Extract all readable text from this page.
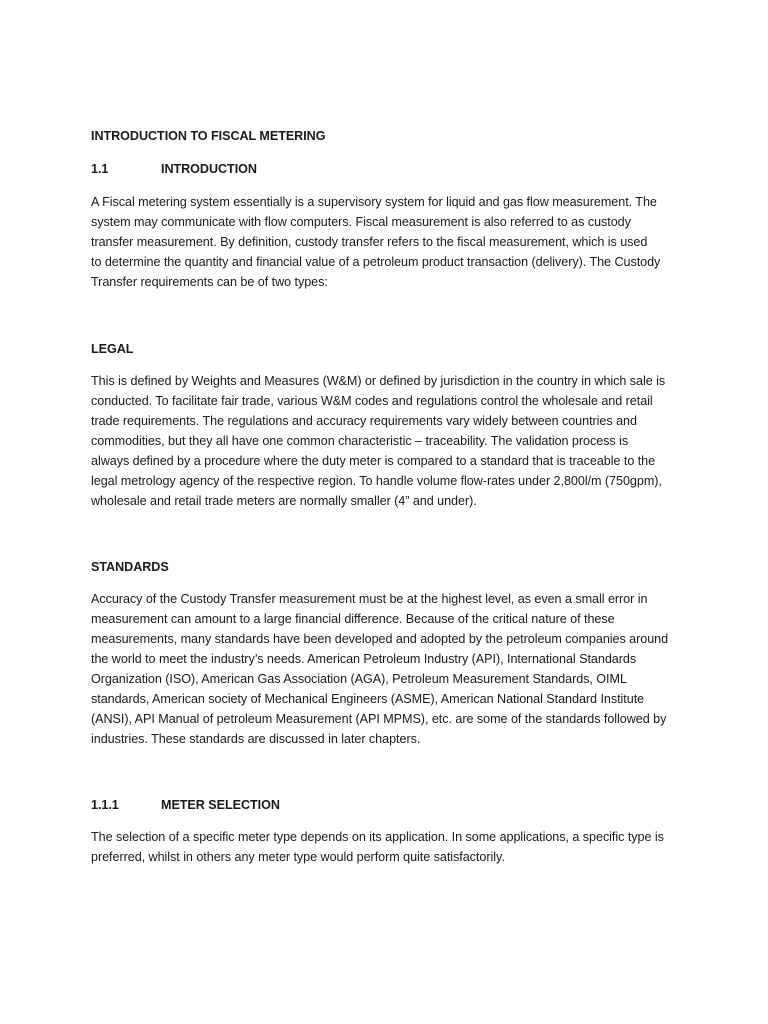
INTRODUCTION TO FISCAL METERING
1.1	INTRODUCTION
A Fiscal metering system essentially is a supervisory system for liquid and gas flow measurement. The
system may communicate with flow computers. Fiscal measurement is also referred to as custody
transfer measurement. By definition, custody transfer refers to the fiscal measurement, which is used
to determine the quantity and financial value of a petroleum product transaction (delivery). The Custody
Transfer requirements can be of two types:
LEGAL
This is defined by Weights and Measures (W&M) or defined by jurisdiction in the country in which sale is
conducted. To facilitate fair trade, various W&M codes and regulations control the wholesale and retail
trade requirements. The regulations and accuracy requirements vary widely between countries and
commodities, but they all have one common characteristic – traceability. The validation process is
always defined by a procedure where the duty meter is compared to a standard that is traceable to the
legal metrology agency of the respective region. To handle volume flow-rates under 2,800l/m (750gpm),
wholesale and retail trade meters are normally smaller (4” and under).
STANDARDS
Accuracy of the Custody Transfer measurement must be at the highest level, as even a small error in
measurement can amount to a large financial difference. Because of the critical nature of these
measurements, many standards have been developed and adopted by the petroleum companies around
the world to meet the industry’s needs. American Petroleum Industry (API), International Standards
Organization (ISO), American Gas Association (AGA), Petroleum Measurement Standards, OIML
standards, American society of Mechanical Engineers (ASME), American National Standard Institute
(ANSI), API Manual of petroleum Measurement (API MPMS), etc. are some of the standards followed by
industries. These standards are discussed in later chapters.
1.1.1	METER SELECTION
The selection of a specific meter type depends on its application. In some applications, a specific type is
preferred, whilst in others any meter type would perform quite satisfactorily.
